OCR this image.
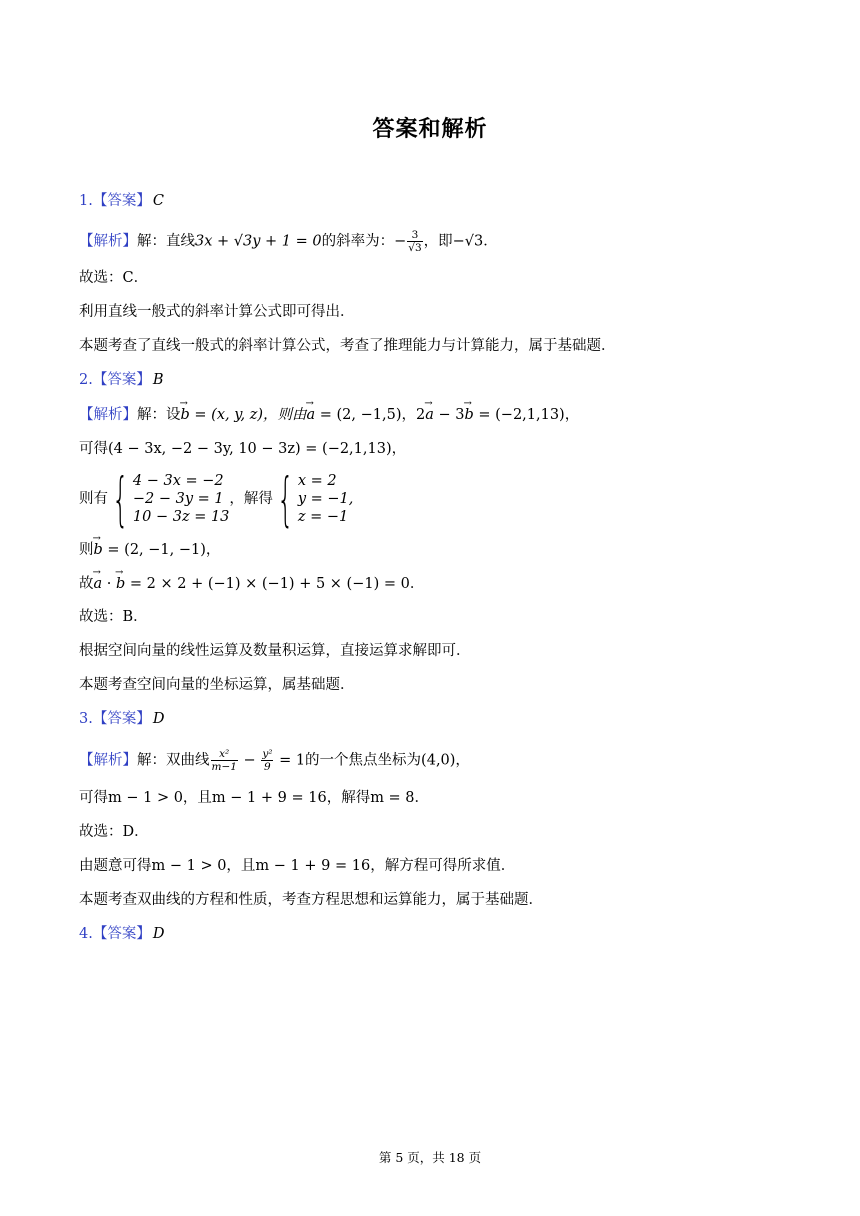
答案和解析
1.【答案】 C
【解析】解：直线3x + √3y + 1 = 0的斜率为：− $\frac{3}{√3}$ ，即−√3．
故选：C．
利用直线一般式的斜率计算公式即可得出．
本题考查了直线一般式的斜率计算公式，考查了推理能力与计算能力，属于基础题．
2.【答案】 B
【解析】解：设→ b = (x, y, z)，则由→ a = (2, −1,5)，2→ a − 3→ b = (−2,1,13)，
可得(4 − 3x, −2 − 3y, 10 − 3z) = (−2,1,13)，
则有 { 4 − 3x = −2
−2 − 3y = 1
10 − 3z = 13
，解得 { x = 2
y = −1,
z = −1
则→ b = (2, −1, −1)，
故→ a · → b = 2 × 2 + (−1) × (−1) + 5 × (−1) = 0．
故选：B．
根据空间向量的线性运算及数量积运算，直接运算求解即可．
本题考查空间向量的坐标运算，属基础题．
3.【答案】 D
【解析】解：双曲线 $\frac{\text{x²}}{m-1} - \frac{\text{y²}}{9} = 1$的一个焦点坐标为(4,0)，
可得m − 1 > 0，且m − 1 + 9 = 16，解得m = 8．
故选：D．
由题意可得m − 1 > 0，且m − 1 + 9 = 16，解方程可得所求值．
本题考查双曲线的方程和性质，考查方程思想和运算能力，属于基础题．
4.【答案】 D
第 5 页，共 18 页
